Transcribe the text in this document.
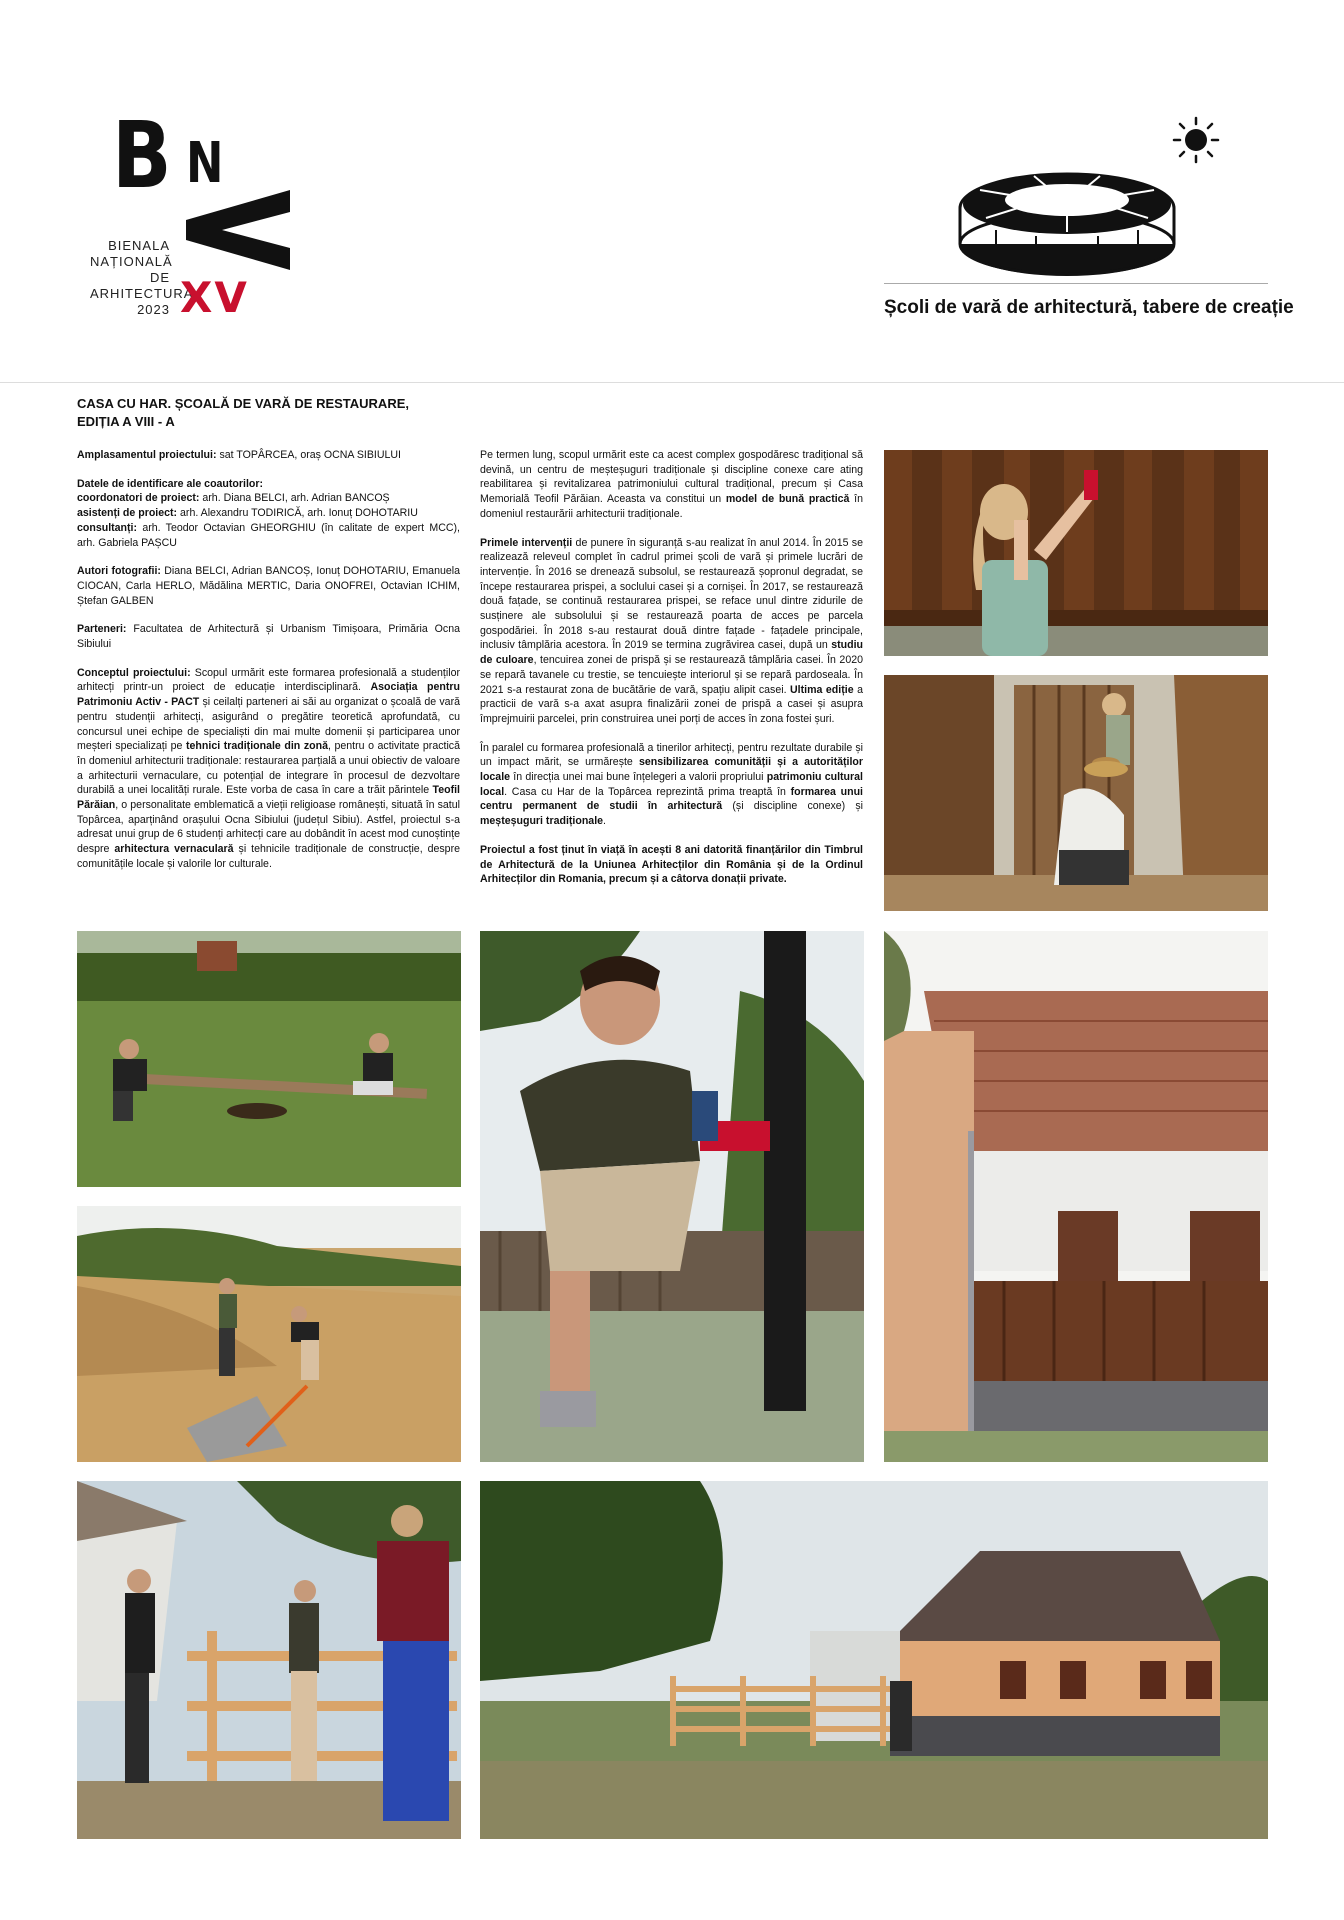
B N
BIENALA
NAȚIONALĂ
DE
ARHITECTURĂ
2023 XV	Școli de vară de arhitectură, tabere de creație
CASA CU HAR. ȘCOALĂ DE VARĂ DE RESTAURARE,
EDIȚIA A VIII - A

Amplasamentul proiectului: sat TOPÂRCEA, oraș OCNA SIBIULUI

Datele de identificare ale coautorilor:
coordonatori de proiect: arh. Diana BELCI, arh. Adrian BANCOȘ
asistenți de proiect: arh. Alexandru TODIRICĂ, arh. Ionuț DOHOTARIU
consultanți: arh. Teodor Octavian GHEORGHIU (în calitate de expert MCC), arh. Gabriela PAȘCU

Autori fotografii: Diana BELCI, Adrian BANCOȘ, Ionuț DOHOTARIU, Emanuela CIOCAN, Carla HERLO, Mădălina MERTIC, Daria ONOFREI, Octavian ICHIM, Ștefan GALBEN

Parteneri: Facultatea de Arhitectură și Urbanism Timișoara, Primăria Ocna Sibiului

Conceptul proiectului: Scopul urmărit este formarea profesională a studenților arhitecți printr-un proiect de educație interdisciplinară. Asociația pentru Patrimoniu Activ - PACT și ceilalți parteneri ai săi au organizat o școală de vară pentru studenții arhitecți, asigurând o pregătire teoretică aprofundată, cu concursul unei echipe de specialiști din mai multe domenii și participarea unor meșteri specializați pe tehnici tradiționale din zonă, pentru o activitate practică în domeniul arhitecturii tradiționale: restaurarea parțială a unui obiectiv de valoare a arhitecturii vernaculare, cu potențial de integrare în procesul de dezvoltare durabilă a unei localități rurale. Este vorba de casa în care a trăit părintele Teofil Părăian, o personalitate emblematică a vieții religioase românești, situată în satul Topârcea, aparținând orașului Ocna Sibiului (județul Sibiu). Astfel, proiectul s-a adresat unui grup de 6 studenți arhitecți care au dobândit în acest mod cunoștințe despre arhitectura vernaculară și tehnicile tradiționale de construcție, despre comunitățile locale și valorile lor culturale.

Pe termen lung, scopul urmărit este ca acest complex gospodăresc tradițional să devină, un centru de meșteșuguri tradiționale și discipline conexe care ating reabilitarea și revitalizarea patrimoniului cultural tradițional, precum și Casa Memorială Teofil Părăian. Aceasta va constitui un model de bună practică în domeniul restaurării arhitecturii tradiționale.

Primele intervenții de punere în siguranță s-au realizat în anul 2014. În 2015 se realizează releveul complet în cadrul primei școli de vară și primele lucrări de intervenție. În 2016 se drenează subsolul, se restaurează șopronul degradat, se începe restaurarea prispei, a soclului casei și a cornișei. În 2017, se restaurează două fațade, se continuă restaurarea prispei, se reface unul dintre zidurile de susținere ale subsolului și se restaurează poarta de acces pe parcela gospodăriei. În 2018 s-au restaurat două dintre fațade - fațadele principale, inclusiv tâmplăria acestora. În 2019 se termina zugrăvirea casei, după un studiu de culoare, tencuirea zonei de prispă și se restaurează tâmplăria casei. În 2020 se repară tavanele cu trestie, se tencuiește interiorul și se repară pardoseala. În 2021 s-a restaurat zona de bucătărie de vară, spațiu alipit casei. Ultima ediție a practicii de vară s-a axat asupra finalizării zonei de prispă a casei și asupra împrejmuirii parcelei, prin construirea unei porți de acces în zona fostei șuri.

În paralel cu formarea profesională a tinerilor arhitecți, pentru rezultate durabile și un impact mărit, se urmărește sensibilizarea comunității și a autorităților locale în direcția unei mai bune înțelegeri a valorii propriului patrimoniu cultural local. Casa cu Har de la Topârcea reprezintă prima treaptă în formarea unui centru permanent de studii în arhitectură (și discipline conexe) și meșteșuguri tradiționale.

Proiectul a fost ținut în viață în acești 8 ani datorită finanțărilor din Timbrul de Arhitectură de la Uniunea Arhitecților din România și de la Ordinul Arhitecților din Romania, precum și a câtorva donații private.
